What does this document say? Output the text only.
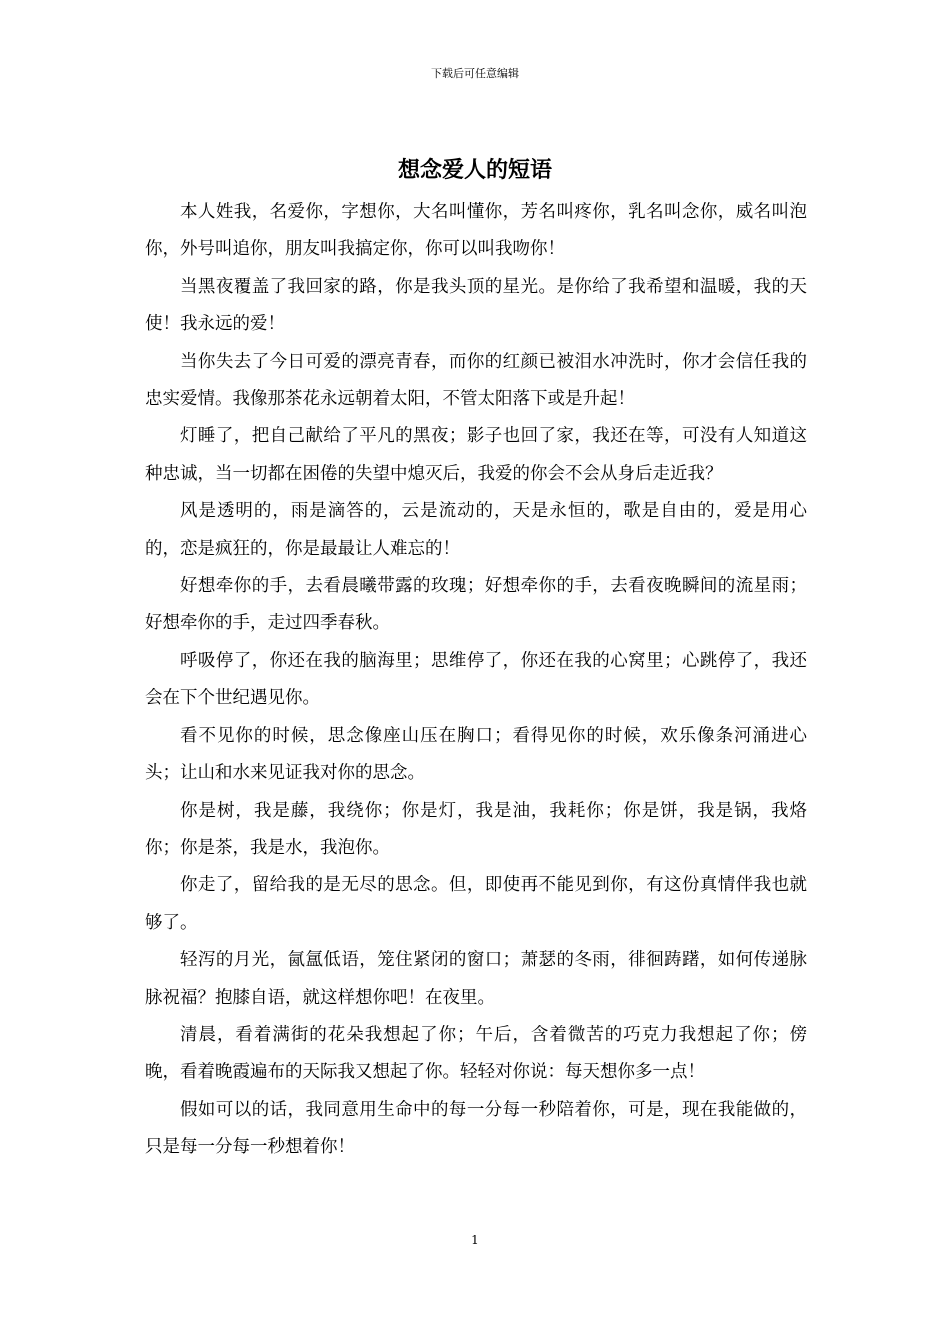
下载后可任意编辑
想念爱人的短语

本人姓我，名爱你，字想你，大名叫懂你，芳名叫疼你，乳名叫念你，威名叫泡你，外号叫追你，朋友叫我搞定你，你可以叫我吻你！

当黑夜覆盖了我回家的路，你是我头顶的星光。是你给了我希望和温暖，我的天使！我永远的爱！

当你失去了今日可爱的漂亮青春，而你的红颜已被泪水冲洗时，你才会信任我的忠实爱情。我像那茶花永远朝着太阳，不管太阳落下或是升起！

灯睡了，把自己献给了平凡的黑夜；影子也回了家，我还在等，可没有人知道这种忠诚，当一切都在困倦的失望中熄灭后，我爱的你会不会从身后走近我？

风是透明的，雨是滴答的，云是流动的，天是永恒的，歌是自由的，爱是用心的，恋是疯狂的，你是最最让人难忘的！

好想牵你的手，去看晨曦带露的玫瑰；好想牵你的手，去看夜晚瞬间的流星雨；好想牵你的手，走过四季春秋。

呼吸停了，你还在我的脑海里；思维停了，你还在我的心窝里；心跳停了，我还会在下个世纪遇见你。

看不见你的时候，思念像座山压在胸口；看得见你的时候，欢乐像条河涌进心头；让山和水来见证我对你的思念。

你是树，我是藤，我绕你；你是灯，我是油，我耗你；你是饼，我是锅，我烙你；你是茶，我是水，我泡你。

你走了，留给我的是无尽的思念。但，即使再不能见到你，有这份真情伴我也就够了。

轻泻的月光，氤氲低语，笼住紧闭的窗口；萧瑟的冬雨，徘徊踌躇，如何传递脉脉祝福？抱膝自语，就这样想你吧！在夜里。

清晨，看着满街的花朵我想起了你；午后，含着微苦的巧克力我想起了你；傍晚，看着晚霞遍布的天际我又想起了你。轻轻对你说：每天想你多一点！

假如可以的话，我同意用生命中的每一分每一秒陪着你，可是，现在我能做的，只是每一分每一秒想着你！

1
